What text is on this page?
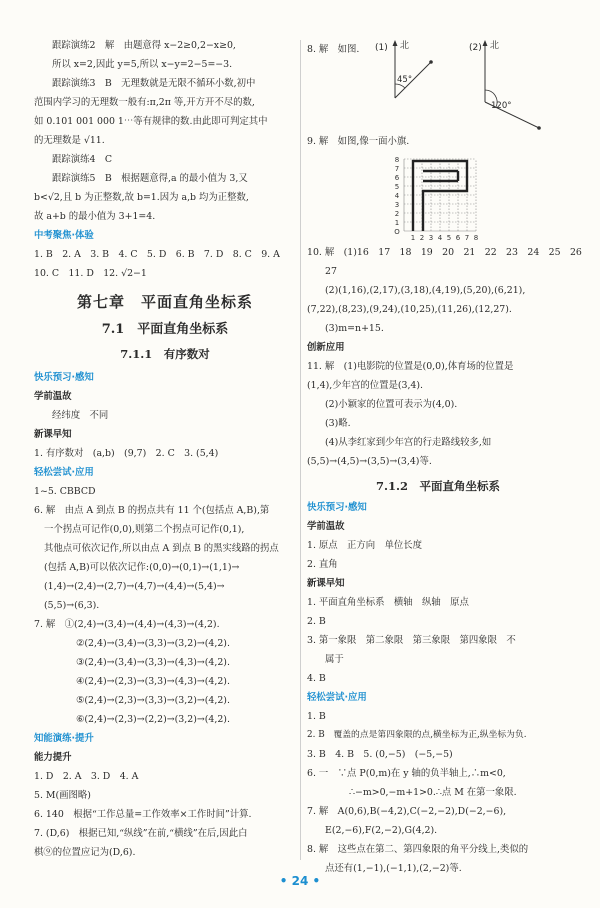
跟踪演练2　解　由题意得 x−2≥0,2−x≥0,

所以 x=2,因此 y=5,所以 x−y=2−5=−3.

跟踪演练3　B　无理数就是无限不循环小数,初中

范围内学习的无理数一般有:π,2π 等,开方开不尽的数,

如 0.101 001 000 1⋯等有规律的数.由此即可判定其中

的无理数是 √11.

跟踪演练4　C

跟踪演练5　B　根据题意得,a 的最小值为 3,又

b<√2,且 b 为正整数,故 b=1.因为 a,b 均为正整数,

故 a+b 的最小值为 3+1=4.

中考聚焦·体验

1. B　2. A　3. B　4. C　5. D　6. B　7. D　8. C　9. A

10. C　11. D　12. √2−1

第七章　平面直角坐标系
7.1　平面直角坐标系
7.1.1　有序数对

快乐预习·感知

学前温故

经纬度　不同

新课早知

1. 有序数对　(a,b)　(9,7)　2. C　3. (5,4)

轻松尝试·应用

1~5. CBBCD

6. 解　由点 A 到点 B 的拐点共有 11 个(包括点 A,B),第

一个拐点可记作(0,0),则第二个拐点可记作(0,1),

其他点可依次记作,所以由点 A 到点 B 的黑实线路的拐点

(包括 A,B)可以依次记作:(0,0)→(0,1)→(1,1)→

(1,4)→(2,4)→(2,7)→(4,7)→(4,4)→(5,4)→

(5,5)→(6,3).

7. 解　①(2,4)→(3,4)→(4,4)→(4,3)→(4,2).

②(2,4)→(3,4)→(3,3)→(3,2)→(4,2).

③(2,4)→(3,4)→(3,3)→(4,3)→(4,2).

④(2,4)→(2,3)→(3,3)→(4,3)→(4,2).

⑤(2,4)→(2,3)→(3,3)→(3,2)→(4,2).

⑥(2,4)→(2,3)→(2,2)→(3,2)→(4,2).

知能演练·提升

能力提升

1. D　2. A　3. D　4. A

5. M(画图略)

6. 140　根据“工作总量=工作效率×工作时间”计算.

7. (D,6)　根据已知,“纵线”在前,“横线”在后,因此白

棋⑨的位置应记为(D,6).

8. 解　如图. (1) 北
45°
(2) 北
120°

9. 解　如图,像一面小旗.

8
7
6
5
4
3
2
1
O
1 2 3 4 5 6 7 8

10. 解　(1)16　17　18　19　20　21　22　23　24　25　26

27

(2)(1,16),(2,17),(3,18),(4,19),(5,20),(6,21),

(7,22),(8,23),(9,24),(10,25),(11,26),(12,27).

(3)m=n+15.

创新应用

11. 解　(1)电影院的位置是(0,0),体育场的位置是

(1,4),少年宫的位置是(3,4).

(2)小颖家的位置可表示为(4,0).

(3)略.

(4)从李红家到少年宫的行走路线较多,如

(5,5)→(4,5)→(3,5)→(3,4)等.

7.1.2　平面直角坐标系

快乐预习·感知

学前温故

1. 原点　正方向　单位长度

2. 直角

新课早知

1. 平面直角坐标系　横轴　纵轴　原点

2. B

3. 第一象限　第二象限　第三象限　第四象限　不

属于

4. B

轻松尝试·应用

1. B

2. B　覆盖的点是第四象限的点,横坐标为正,纵坐标为负.

3. B　4. B　5. (0,−5)　(−5,−5)

6. 一　∵点 P(0,m)在 y 轴的负半轴上,∴m<0,

∴−m>0,−m+1>0.∴点 M 在第一象限.

7. 解　A(0,6),B(−4,2),C(−2,−2),D(−2,−6),

E(2,−6),F(2,−2),G(4,2).

8. 解　这些点在第二、第四象限的角平分线上,类似的

点还有(1,−1),(−1,1),(2,−2)等.

• 24 •
